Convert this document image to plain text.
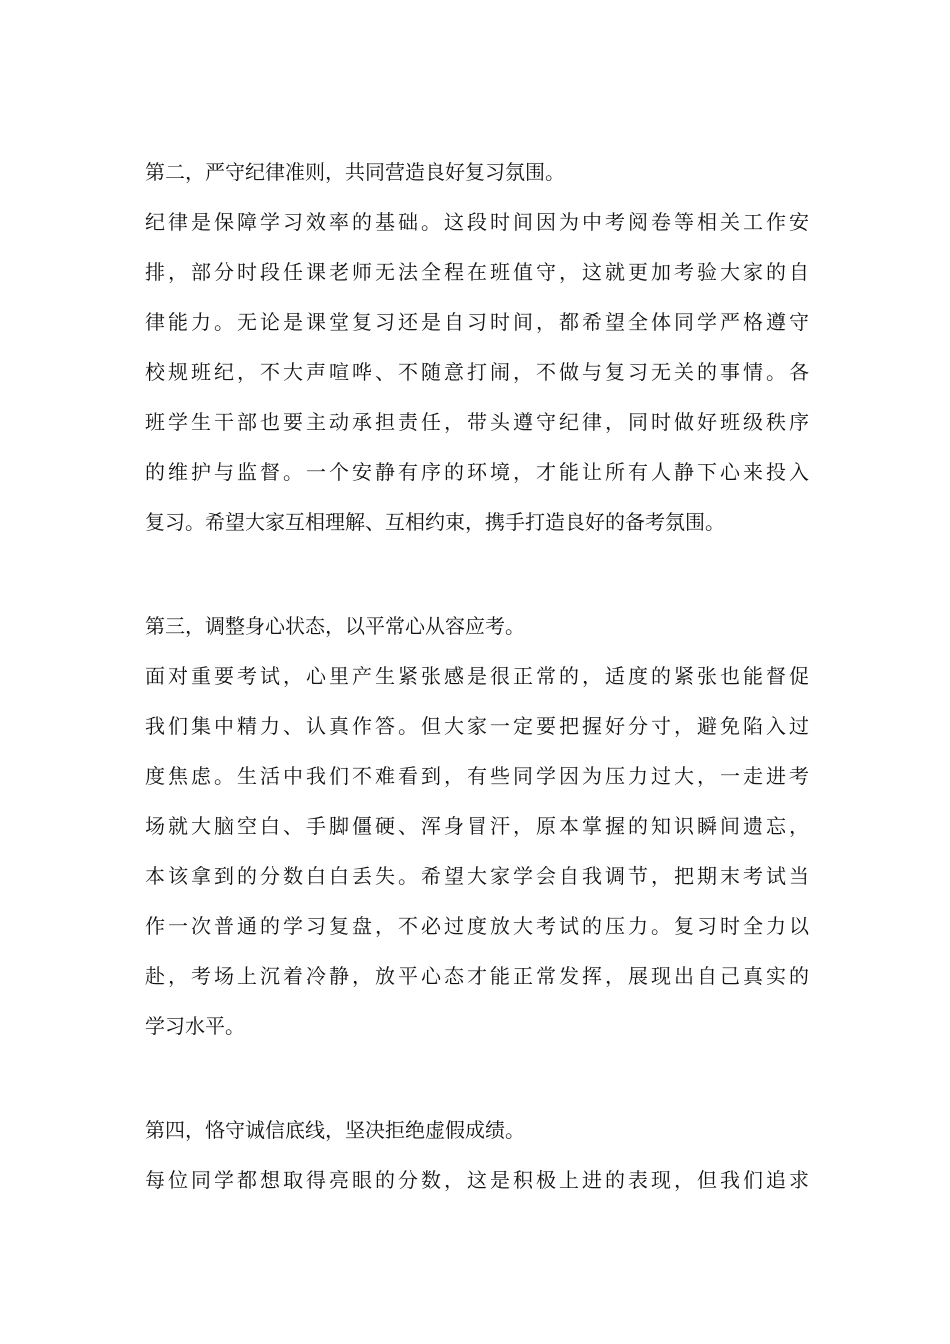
第二，严守纪律准则，共同营造良好复习氛围。
纪律是保障学习效率的基础。这段时间因为中考阅卷等相关工作安
排，部分时段任课老师无法全程在班值守，这就更加考验大家的自
律能力。无论是课堂复习还是自习时间，都希望全体同学严格遵守
校规班纪，不大声喧哗、不随意打闹，不做与复习无关的事情。各
班学生干部也要主动承担责任，带头遵守纪律，同时做好班级秩序
的维护与监督。一个安静有序的环境，才能让所有人静下心来投入
复习。希望大家互相理解、互相约束，携手打造良好的备考氛围。
第三，调整身心状态，以平常心从容应考。
面对重要考试，心里产生紧张感是很正常的，适度的紧张也能督促
我们集中精力、认真作答。但大家一定要把握好分寸，避免陷入过
度焦虑。生活中我们不难看到，有些同学因为压力过大，一走进考
场就大脑空白、手脚僵硬、浑身冒汗，原本掌握的知识瞬间遗忘，
本该拿到的分数白白丢失。希望大家学会自我调节，把期末考试当
作一次普通的学习复盘，不必过度放大考试的压力。复习时全力以
赴，考场上沉着冷静，放平心态才能正常发挥，展现出自己真实的
学习水平。
第四，恪守诚信底线，坚决拒绝虚假成绩。
每位同学都想取得亮眼的分数，这是积极上进的表现，但我们追求
